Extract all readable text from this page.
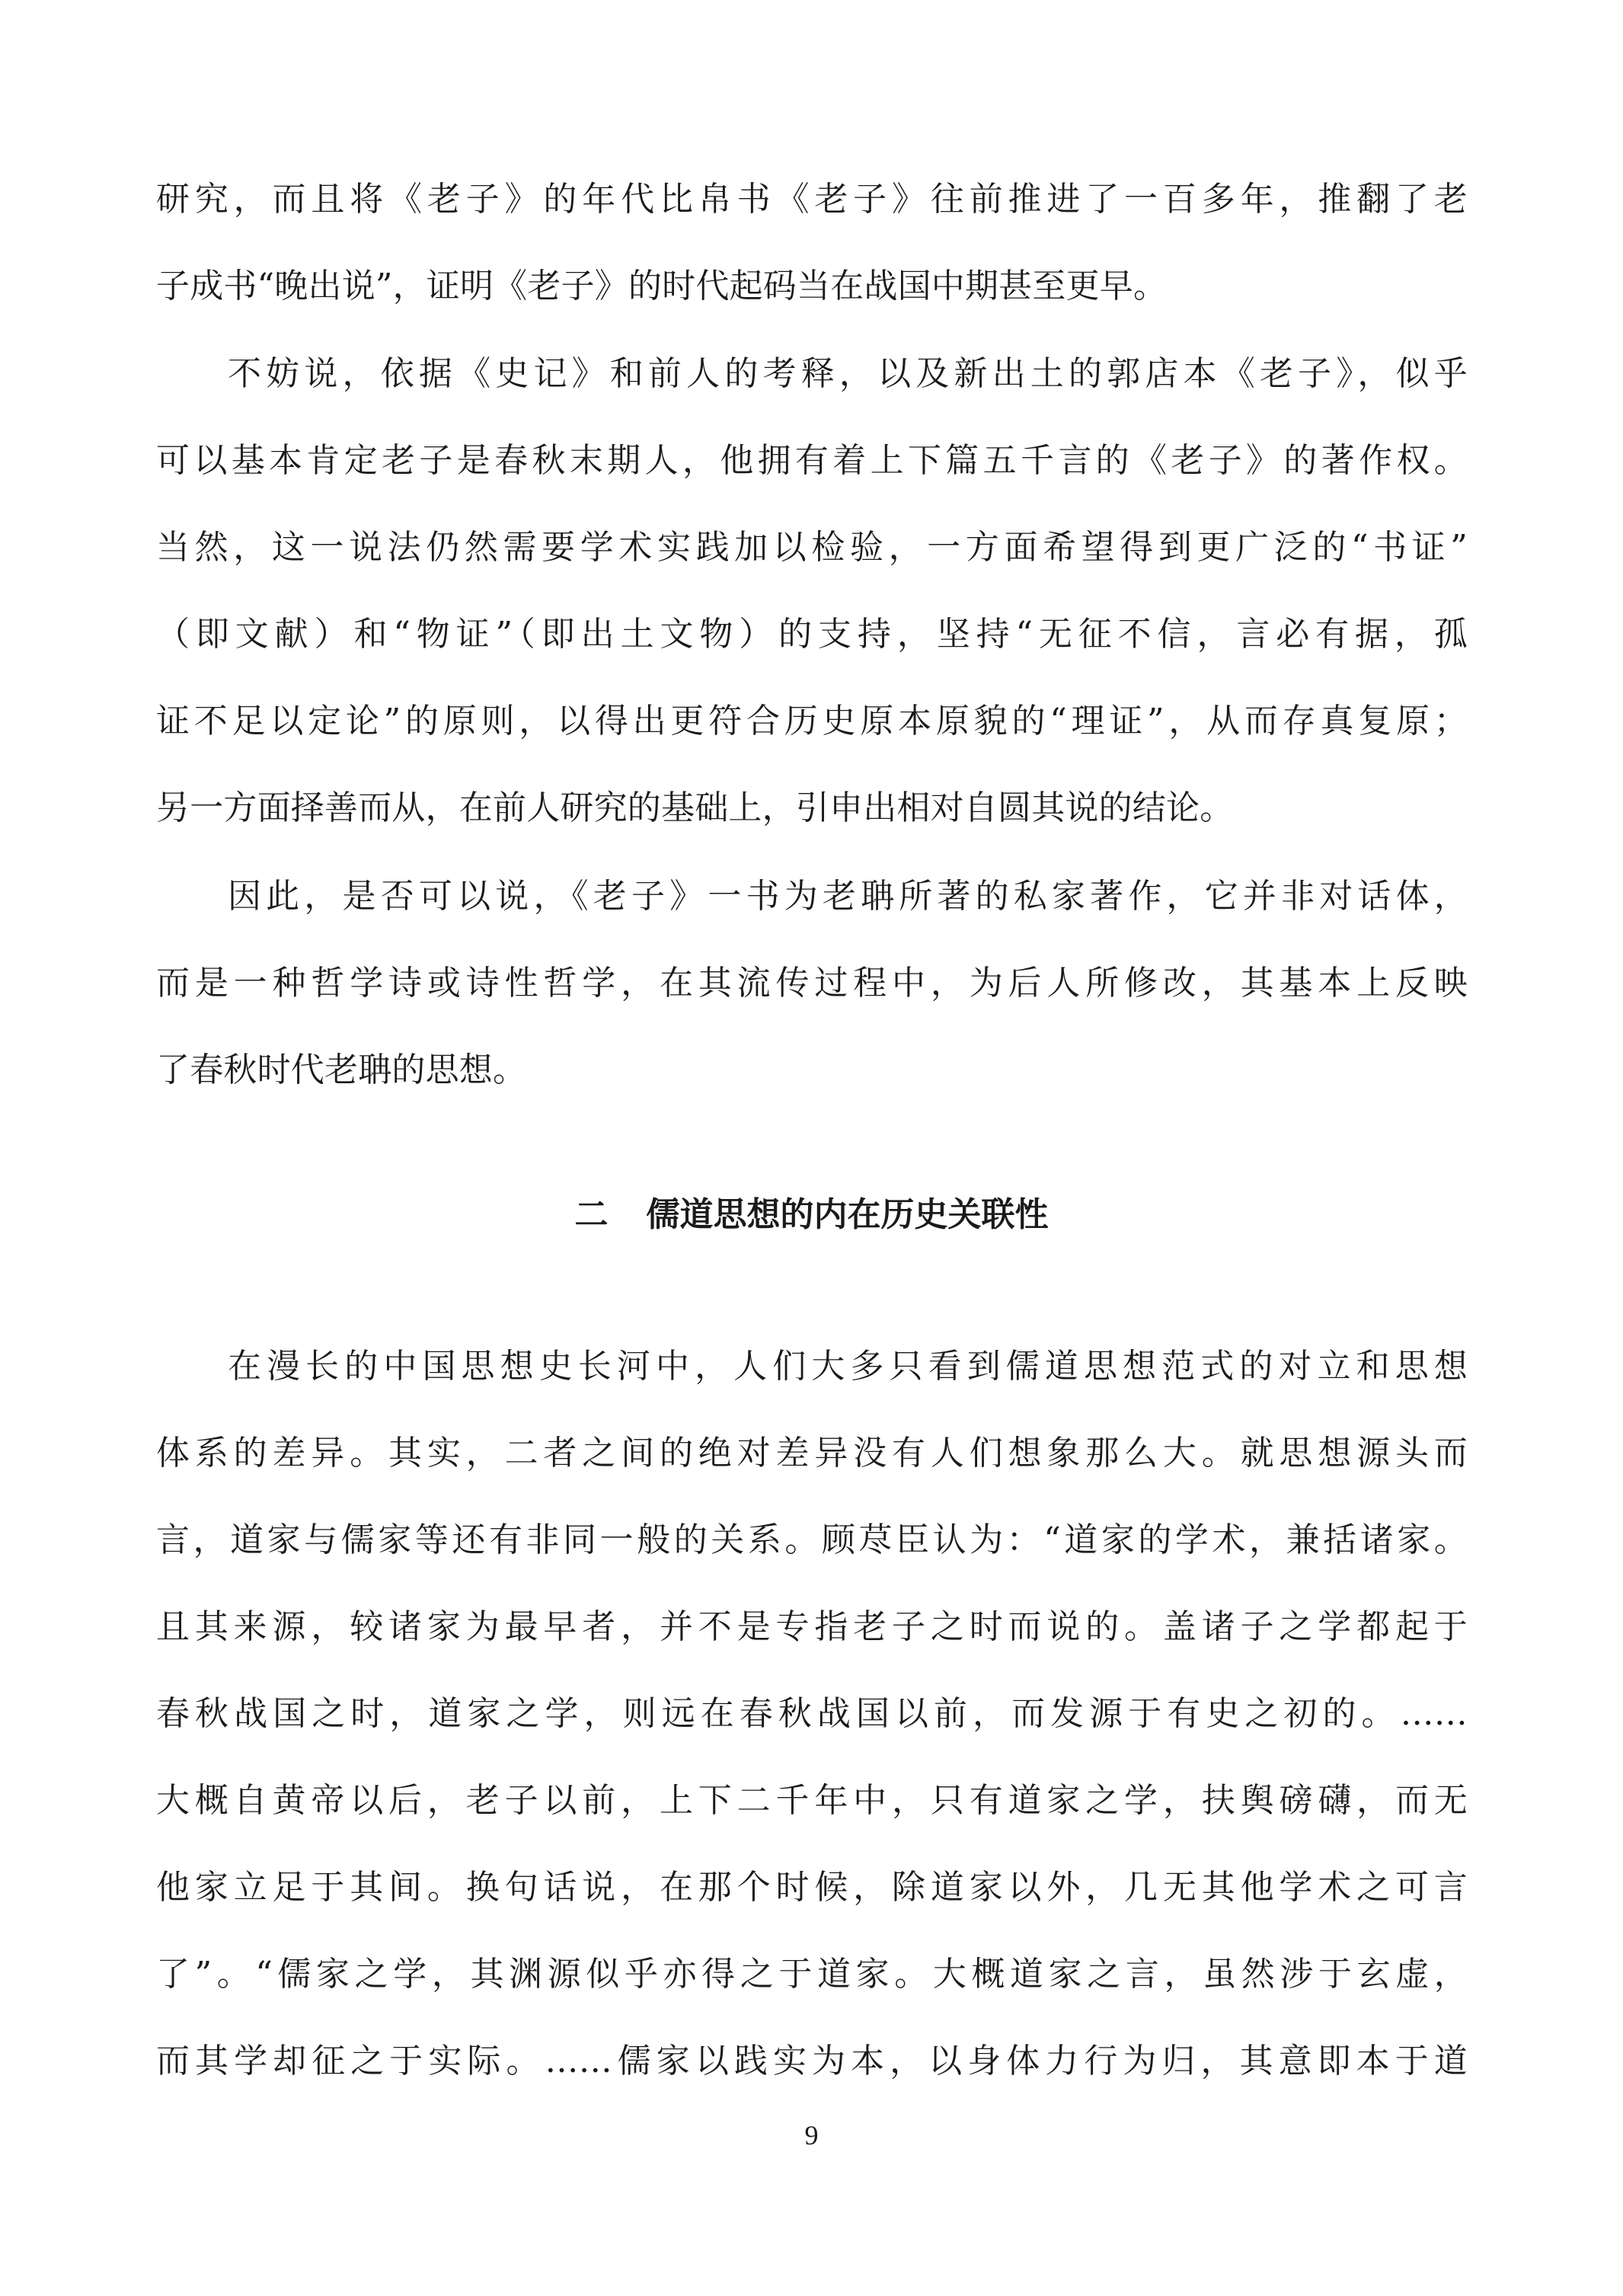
研究，而且将《老子》的年代比帛书《老子》往前推进了一百多年，推翻了老
子成书“晚出说”，证明《老子》的时代起码当在战国中期甚至更早。
不妨说，依据《史记》和前人的考释，以及新出土的郭店本《老子》，似乎
可以基本肯定老子是春秋末期人，他拥有着上下篇五千言的《老子》的著作权。
当然，这一说法仍然需要学术实践加以检验，一方面希望得到更广泛的“书证”
（即文献）和“物证”（即出土文物）的支持，坚持“无征不信，言必有据，孤
证不足以定论”的原则，以得出更符合历史原本原貌的“理证”，从而存真复原；
另一方面择善而从，在前人研究的基础上，引申出相对自圆其说的结论。
因此，是否可以说，《老子》一书为老聃所著的私家著作，它并非对话体，
而是一种哲学诗或诗性哲学，在其流传过程中，为后人所修改，其基本上反映
了春秋时代老聃的思想。
二 儒道思想的内在历史关联性
在漫长的中国思想史长河中，人们大多只看到儒道思想范式的对立和思想
体系的差异。其实，二者之间的绝对差异没有人们想象那么大。就思想源头而
言，道家与儒家等还有非同一般的关系。顾荩臣认为：“道家的学术，兼括诸家。
且其来源，较诸家为最早者，并不是专指老子之时而说的。盖诸子之学都起于
春秋战国之时，道家之学，则远在春秋战国以前，而发源于有史之初的。……
大概自黄帝以后，老子以前，上下二千年中，只有道家之学，扶舆磅礴，而无
他家立足于其间。换句话说，在那个时候，除道家以外，几无其他学术之可言
了”。“儒家之学，其渊源似乎亦得之于道家。大概道家之言，虽然涉于玄虚，
而其学却征之于实际。……儒家以践实为本，以身体力行为归，其意即本于道
9
